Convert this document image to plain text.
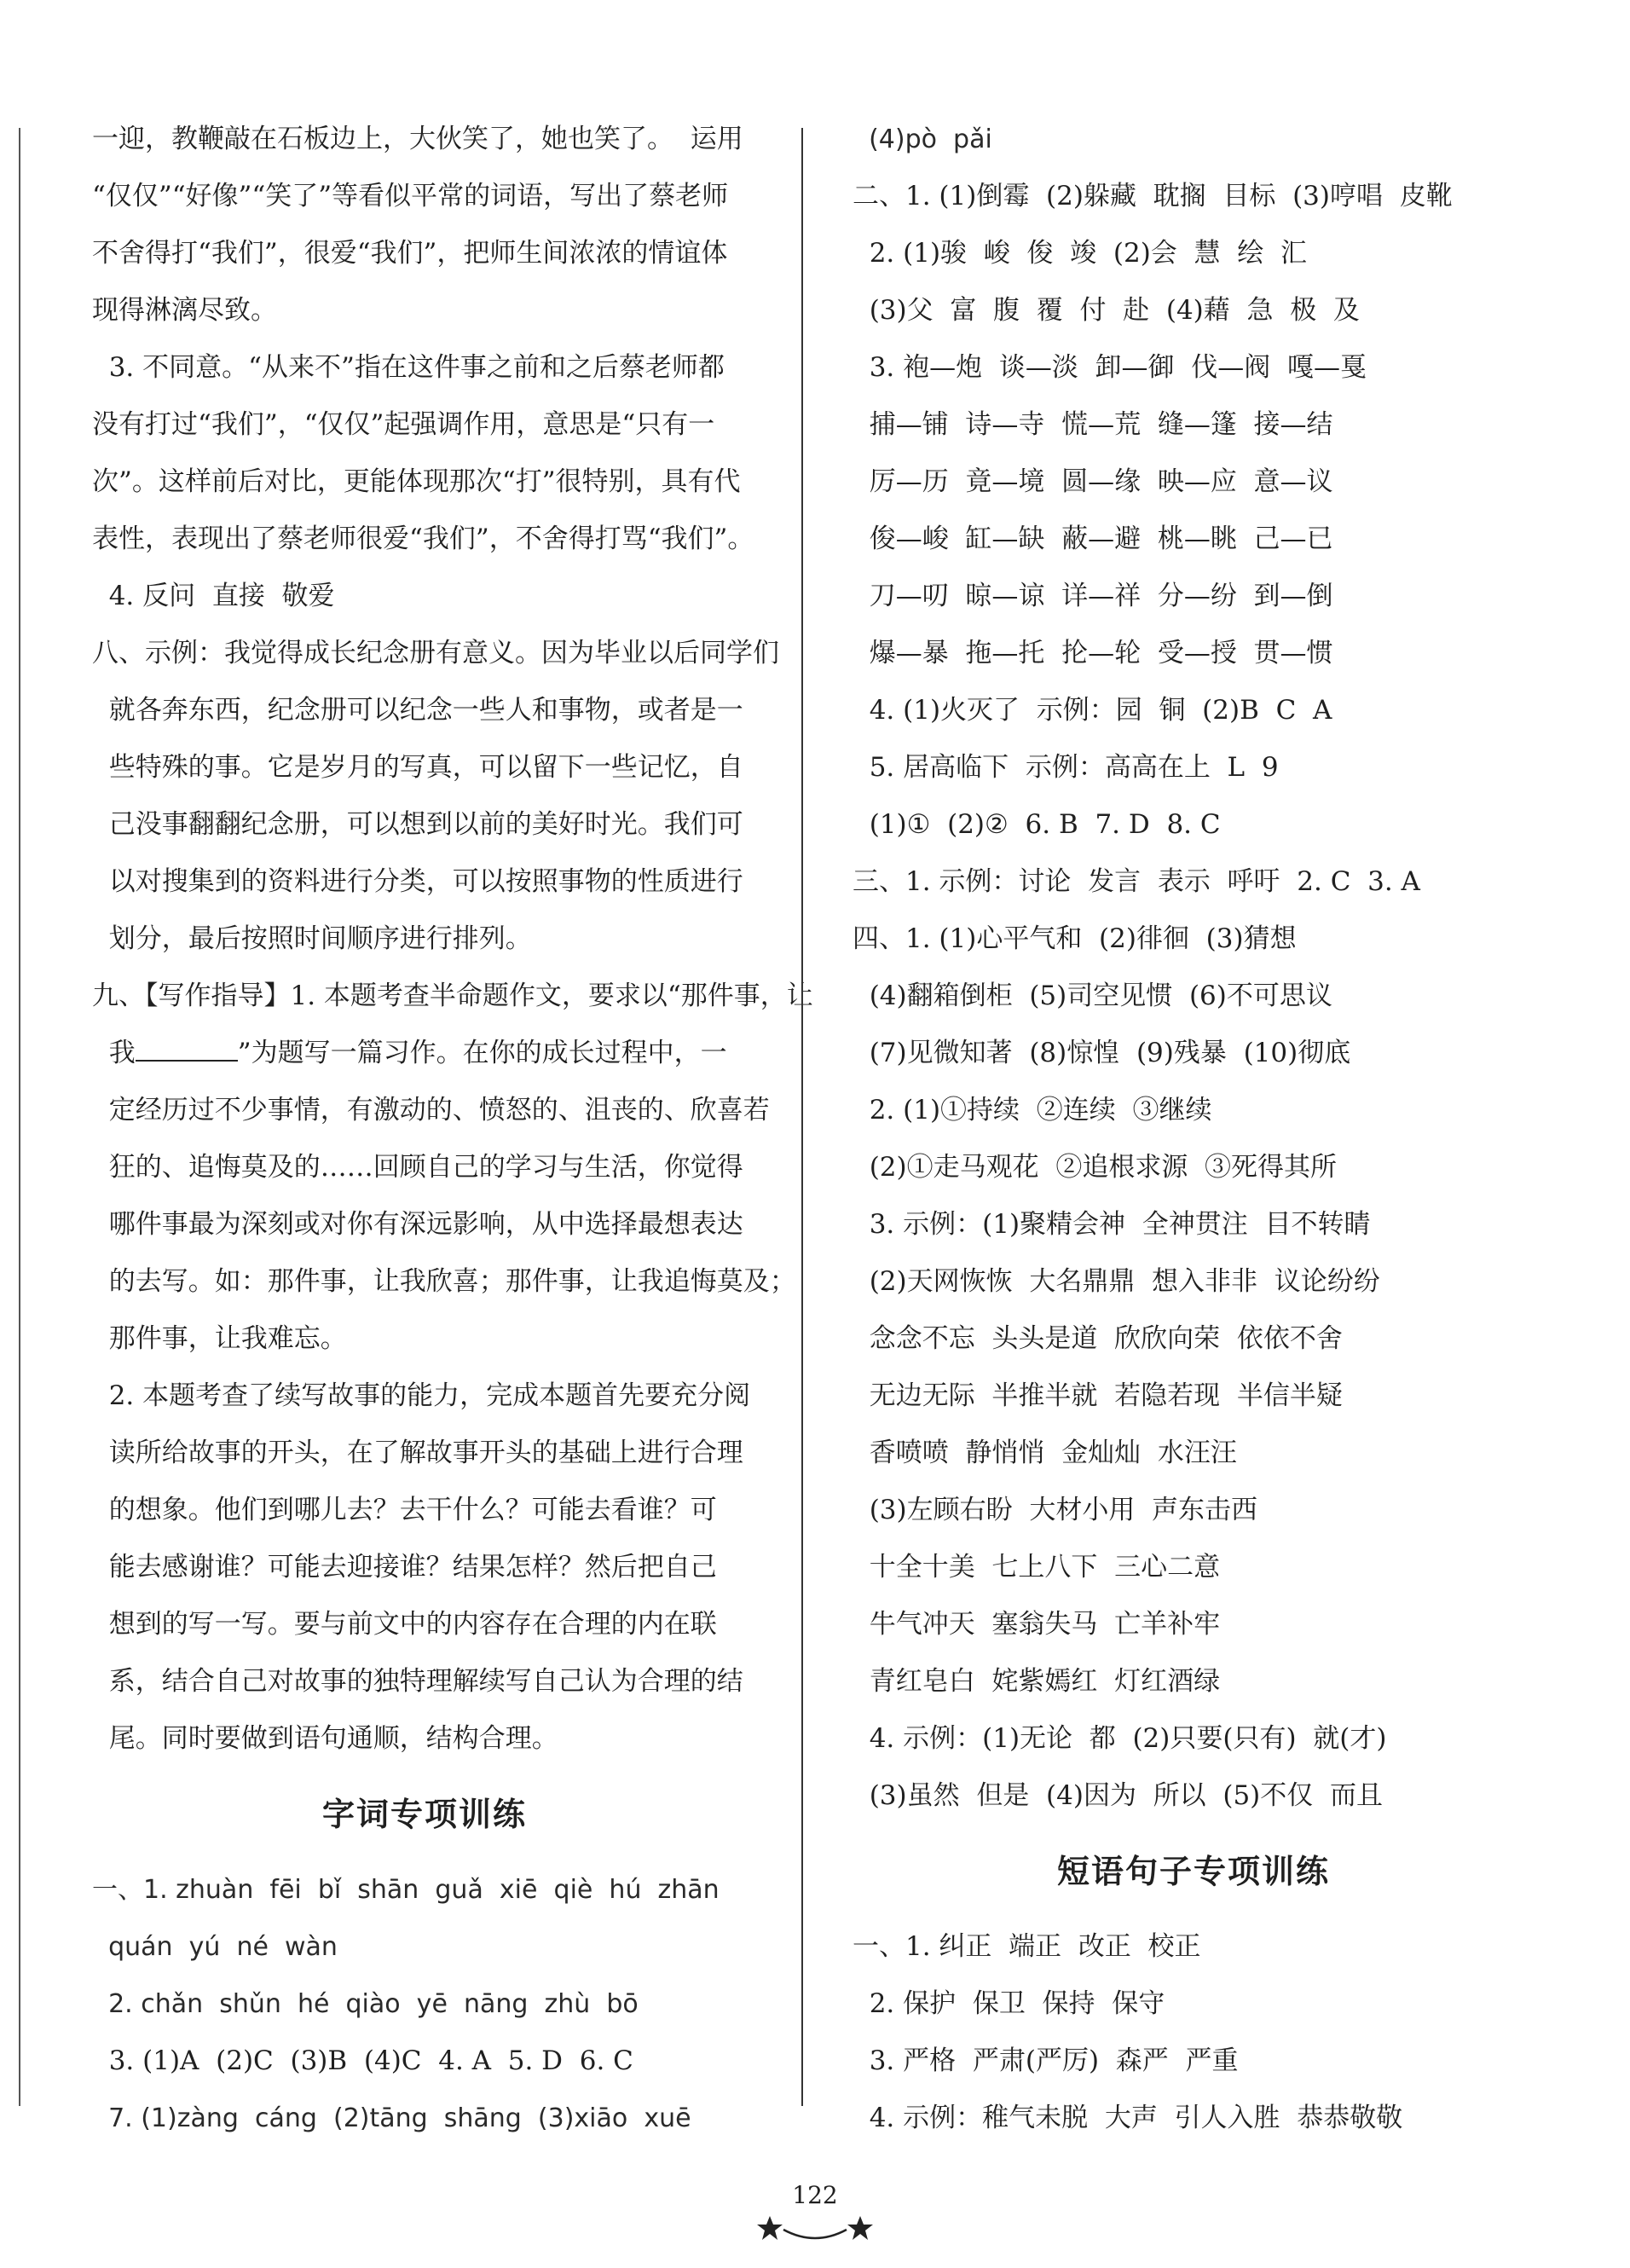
一迎，教鞭敲在石板边上，大伙笑了，她也笑了。  运用
“仅仅”“好像”“笑了”等看似平常的词语，写出了蔡老师
不舍得打“我们”，很爱“我们”，把师生间浓浓的情谊体
现得淋漓尽致。
3. 不同意。“从来不”指在这件事之前和之后蔡老师都
没有打过“我们”，“仅仅”起强调作用，意思是“只有一
次”。这样前后对比，更能体现那次“打”很特别，具有代
表性，表现出了蔡老师很爱“我们”，不舍得打骂“我们”。
4. 反问  直接  敬爱
八、示例：我觉得成长纪念册有意义。因为毕业以后同学们
就各奔东西，纪念册可以纪念一些人和事物，或者是一
些特殊的事。它是岁月的写真，可以留下一些记忆，自
己没事翻翻纪念册，可以想到以前的美好时光。我们可
以对搜集到的资料进行分类，可以按照事物的性质进行
划分，最后按照时间顺序进行排列。
九、【写作指导】1. 本题考查半命题作文，要求以“那件事，让
我	”为题写一篇习作。在你的成长过程中，一
定经历过不少事情，有激动的、愤怒的、沮丧的、欣喜若
狂的、追悔莫及的……回顾自己的学习与生活，你觉得
哪件事最为深刻或对你有深远影响，从中选择最想表达
的去写。如：那件事，让我欣喜；那件事，让我追悔莫及；
那件事，让我难忘。
2. 本题考查了续写故事的能力，完成本题首先要充分阅
读所给故事的开头，在了解故事开头的基础上进行合理
的想象。他们到哪儿去？去干什么？可能去看谁？可
能去感谢谁？可能去迎接谁？结果怎样？然后把自己
想到的写一写。要与前文中的内容存在合理的内在联
系，结合自己对故事的独特理解续写自己认为合理的结
尾。同时要做到语句通顺，结构合理。
字词专项训练
一、1. zhuàn  fēi  bǐ  shān  guǎ  xiē  qiè  hú  zhān
quán  yú  né  wàn
2. chǎn  shǔn  hé  qiào  yē  nāng  zhù  bō
3. (1)A  (2)C  (3)B  (4)C  4. A  5. D  6. C
7. (1)zàng  cáng  (2)tāng  shāng  (3)xiāo  xuē
(4)pò  pǎi
二、1. (1)倒霉  (2)躲藏  耽搁  目标  (3)哼唱  皮靴
2. (1)骏  峻  俊  竣  (2)会  慧  绘  汇
(3)父  富  腹  覆  付  赴  (4)藉  急  极  及
3. 袍—炮  谈—淡  卸—御  伐—阀  嘎—戛
捕—铺  诗—寺  慌—荒  缝—篷  接—结
厉—历  竟—境  圆—缘  映—应  意—议
俊—峻  缸—缺  蔽—避  桃—眺  己—已
刀—叨  晾—谅  详—祥  分—纷  到—倒
爆—暴  拖—托  抡—轮  受—授  贯—惯
4. (1)火灭了  示例：园  铜  (2)B  C  A
5. 居高临下  示例：高高在上  L  9
(1)①  (2)②  6. B  7. D  8. C
三、1. 示例：讨论  发言  表示  呼吁  2. C  3. A
四、1. (1)心平气和  (2)徘徊  (3)猜想
(4)翻箱倒柜  (5)司空见惯  (6)不可思议
(7)见微知著  (8)惊惶  (9)残暴  (10)彻底
2. (1)①持续  ②连续  ③继续
(2)①走马观花  ②追根求源  ③死得其所
3. 示例：(1)聚精会神  全神贯注  目不转睛
(2)天网恢恢  大名鼎鼎  想入非非  议论纷纷
念念不忘  头头是道  欣欣向荣  依依不舍
无边无际  半推半就  若隐若现  半信半疑
香喷喷  静悄悄  金灿灿  水汪汪
(3)左顾右盼  大材小用  声东击西
十全十美  七上八下  三心二意
牛气冲天  塞翁失马  亡羊补牢
青红皂白  姹紫嫣红  灯红酒绿
4. 示例：(1)无论  都  (2)只要(只有)  就(才)
(3)虽然  但是  (4)因为  所以  (5)不仅  而且
短语句子专项训练
一、1. 纠正  端正  改正  校正
2. 保护  保卫  保持  保守
3. 严格  严肃(严厉)  森严  严重
4. 示例：稚气未脱  大声  引人入胜  恭恭敬敬
122
